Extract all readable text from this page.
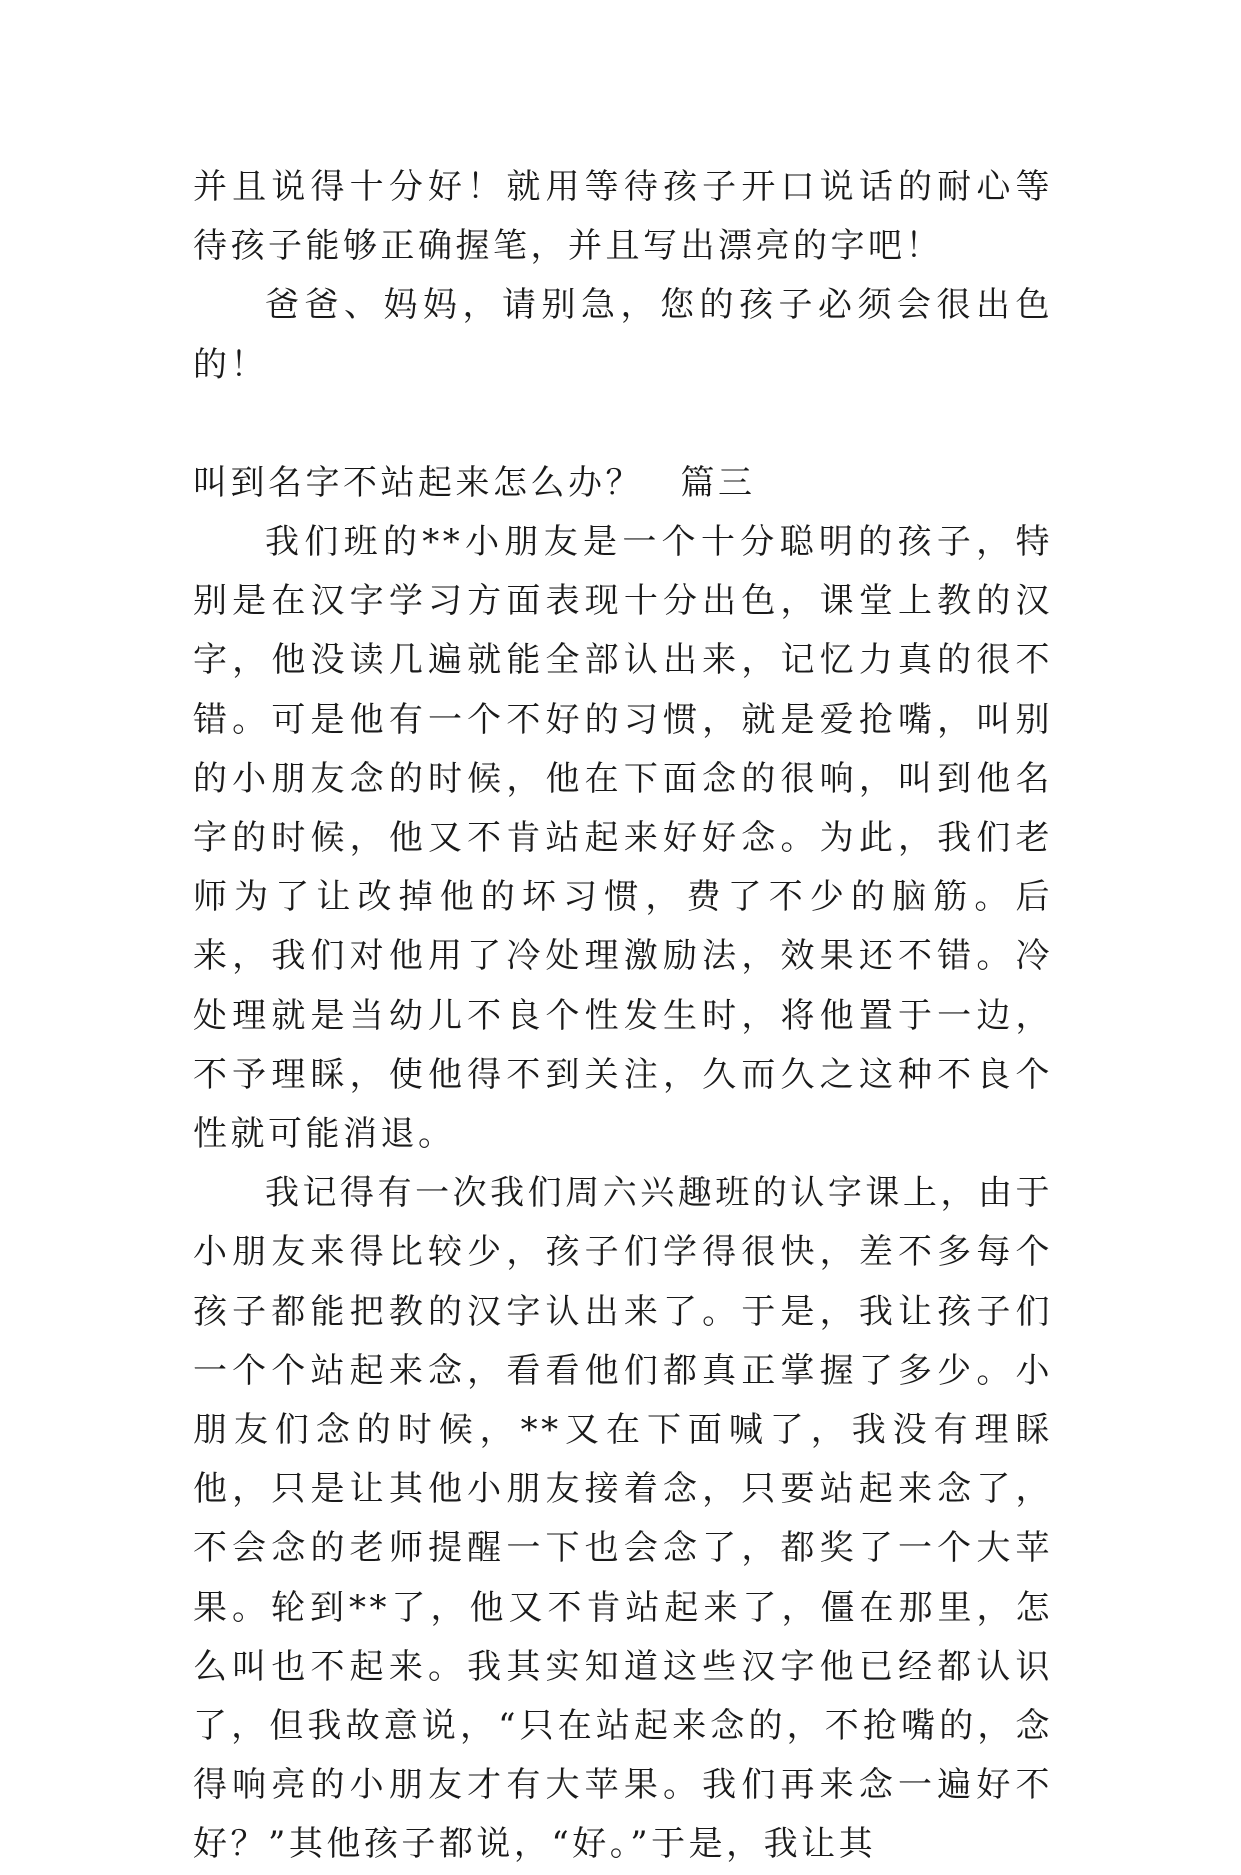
并且说得十分好！就用等待孩子开口说话的耐心等待孩子能够正确握笔，并且写出漂亮的字吧！

爸爸、妈妈，请别急，您的孩子必须会很出色的！

叫到名字不站起来怎么办？　篇三

我们班的**小朋友是一个十分聪明的孩子，特别是在汉字学习方面表现十分出色，课堂上教的汉字，他没读几遍就能全部认出来，记忆力真的很不错。可是他有一个不好的习惯，就是爱抢嘴，叫别的小朋友念的时候，他在下面念的很响，叫到他名字的时候，他又不肯站起来好好念。为此，我们老师为了让改掉他的坏习惯，费了不少的脑筋。后来，我们对他用了冷处理激励法，效果还不错。冷处理就是当幼儿不良个性发生时，将他置于一边，不予理睬，使他得不到关注，久而久之这种不良个性就可能消退。

我记得有一次我们周六兴趣班的认字课上，由于小朋友来得比较少，孩子们学得很快，差不多每个孩子都能把教的汉字认出来了。于是，我让孩子们一个个站起来念，看看他们都真正掌握了多少。小朋友们念的时候，**又在下面喊了，我没有理睬他，只是让其他小朋友接着念，只要站起来念了，不会念的老师提醒一下也会念了，都奖了一个大苹果。轮到**了，他又不肯站起来了，僵在那里，怎么叫也不起来。我其实知道这些汉字他已经都认识了，但我故意说，“只在站起来念的，不抢嘴的，念得响亮的小朋友才有大苹果。我们再来念一遍好不好？”其他孩子都说，“好。”于是，我让其
